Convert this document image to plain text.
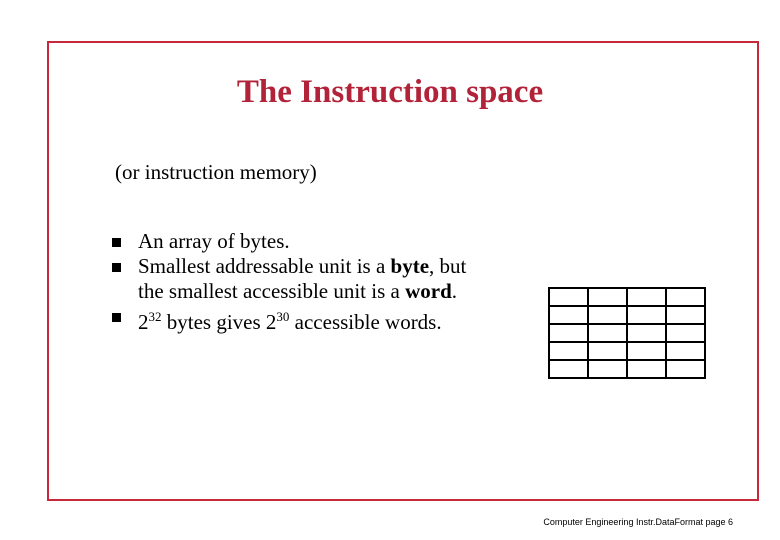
The Instruction space
(or instruction memory)
An array of bytes.
Smallest addressable unit is a byte, but
the smallest accessible unit is a word.
$2^{32}$ bytes gives $2^{30}$ accessible words.
Computer Engineering Instr.DataFormat page 6
